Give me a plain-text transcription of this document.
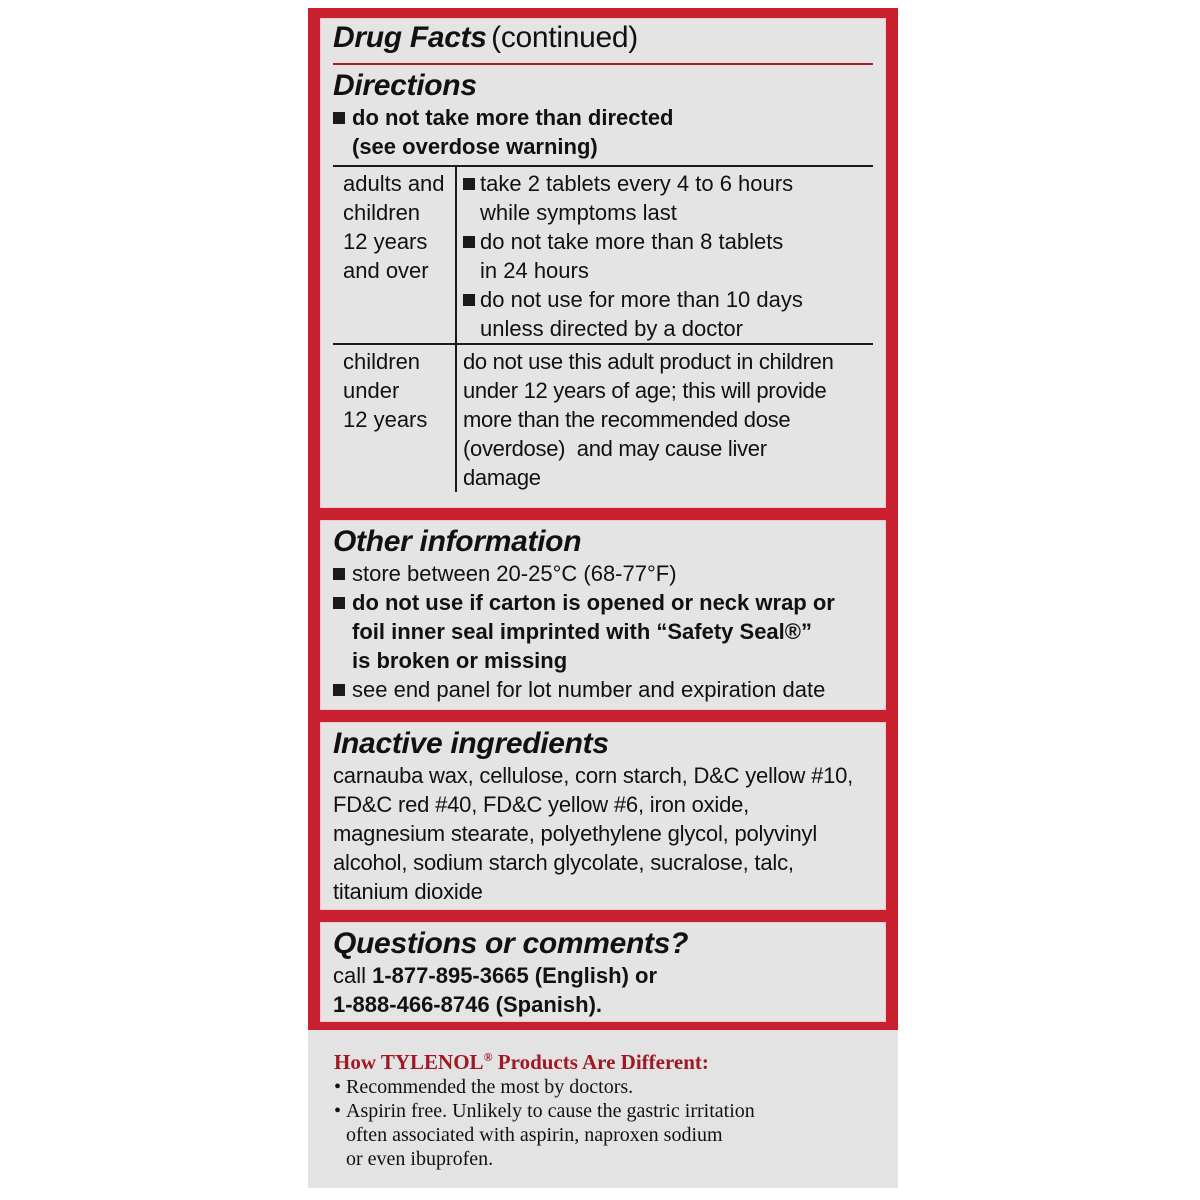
Drug Facts (continued)
Directions
do not take more than directed
(see overdose warning)
adults and
children
12 years
and over
take 2 tablets every 4 to 6 hours
while symptoms last
do not take more than 8 tablets
in 24 hours
do not use for more than 10 days
unless directed by a doctor
children
under
12 years
do not use this adult product in children
under 12 years of age; this will provide
more than the recommended dose
(overdose)  and may cause liver
damage
Other information
store between 20-25°C (68-77°F)
do not use if carton is opened or neck wrap or
foil inner seal imprinted with “Safety Seal®”
is broken or missing
see end panel for lot number and expiration date
Inactive ingredients
carnauba wax, cellulose, corn starch, D&C yellow #10,
FD&C red #40, FD&C yellow #6, iron oxide,
magnesium stearate, polyethylene glycol, polyvinyl
alcohol, sodium starch glycolate, sucralose, talc,
titanium dioxide
Questions or comments?

call 1-877-895-3665 (English) or

1-888-466-8746 (Spanish).

How TYLENOL® Products Are Different:
• Recommended the most by doctors.
• Aspirin free. Unlikely to cause the gastric irritation
often associated with aspirin, naproxen sodium
or even ibuprofen.
